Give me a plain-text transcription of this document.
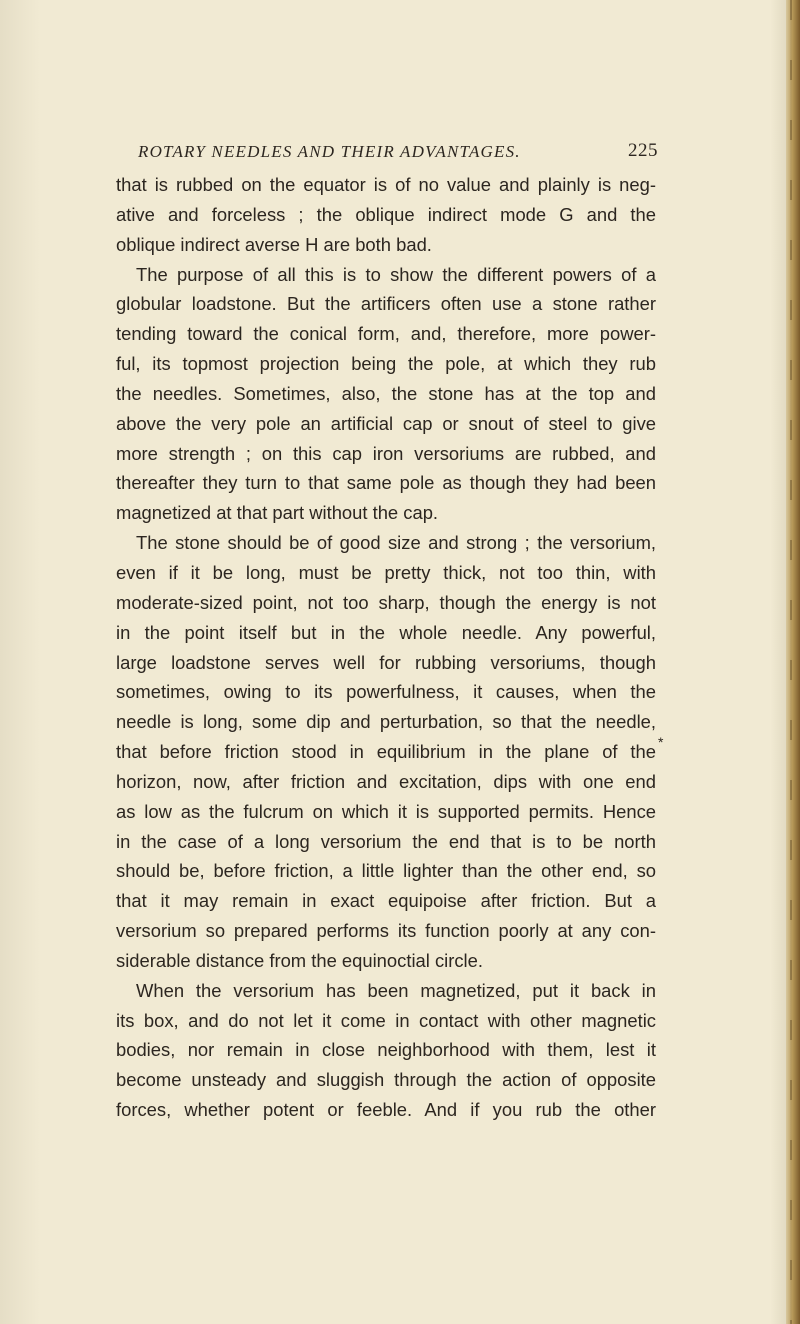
ROTARY NEEDLES AND THEIR ADVANTAGES.	225
that is rubbed on the equator is of no value and plainly is neg-
ative and forceless ; the oblique indirect mode G and the
oblique indirect averse H are both bad.
The purpose of all this is to show the different powers of a
globular loadstone. But the artificers often use a stone rather
tending toward the conical form, and, therefore, more power-
ful, its topmost projection being the pole, at which they rub
the needles. Sometimes, also, the stone has at the top and
above the very pole an artificial cap or snout of steel to give
more strength ; on this cap iron versoriums are rubbed, and
thereafter they turn to that same pole as though they had been
magnetized at that part without the cap.
The stone should be of good size and strong ; the versorium,
even if it be long, must be pretty thick, not too thin, with
moderate-sized point, not too sharp, though the energy is not
in the point itself but in the whole needle. Any powerful,
large loadstone serves well for rubbing versoriums, though
sometimes, owing to its powerfulness, it causes, when the
needle is long, some dip and perturbation, so that the needle,
that before friction stood in equilibrium in the plane of the
horizon, now, after friction and excitation, dips with one end
as low as the fulcrum on which it is supported permits. Hence
in the case of a long versorium the end that is to be north
should be, before friction, a little lighter than the other end, so
that it may remain in exact equipoise after friction. But a
versorium so prepared performs its function poorly at any con-
siderable distance from the equinoctial circle.
When the versorium has been magnetized, put it back in
its box, and do not let it come in contact with other magnetic
bodies, nor remain in close neighborhood with them, lest it
become unsteady and sluggish through the action of opposite
forces, whether potent or feeble. And if you rub the other
*
